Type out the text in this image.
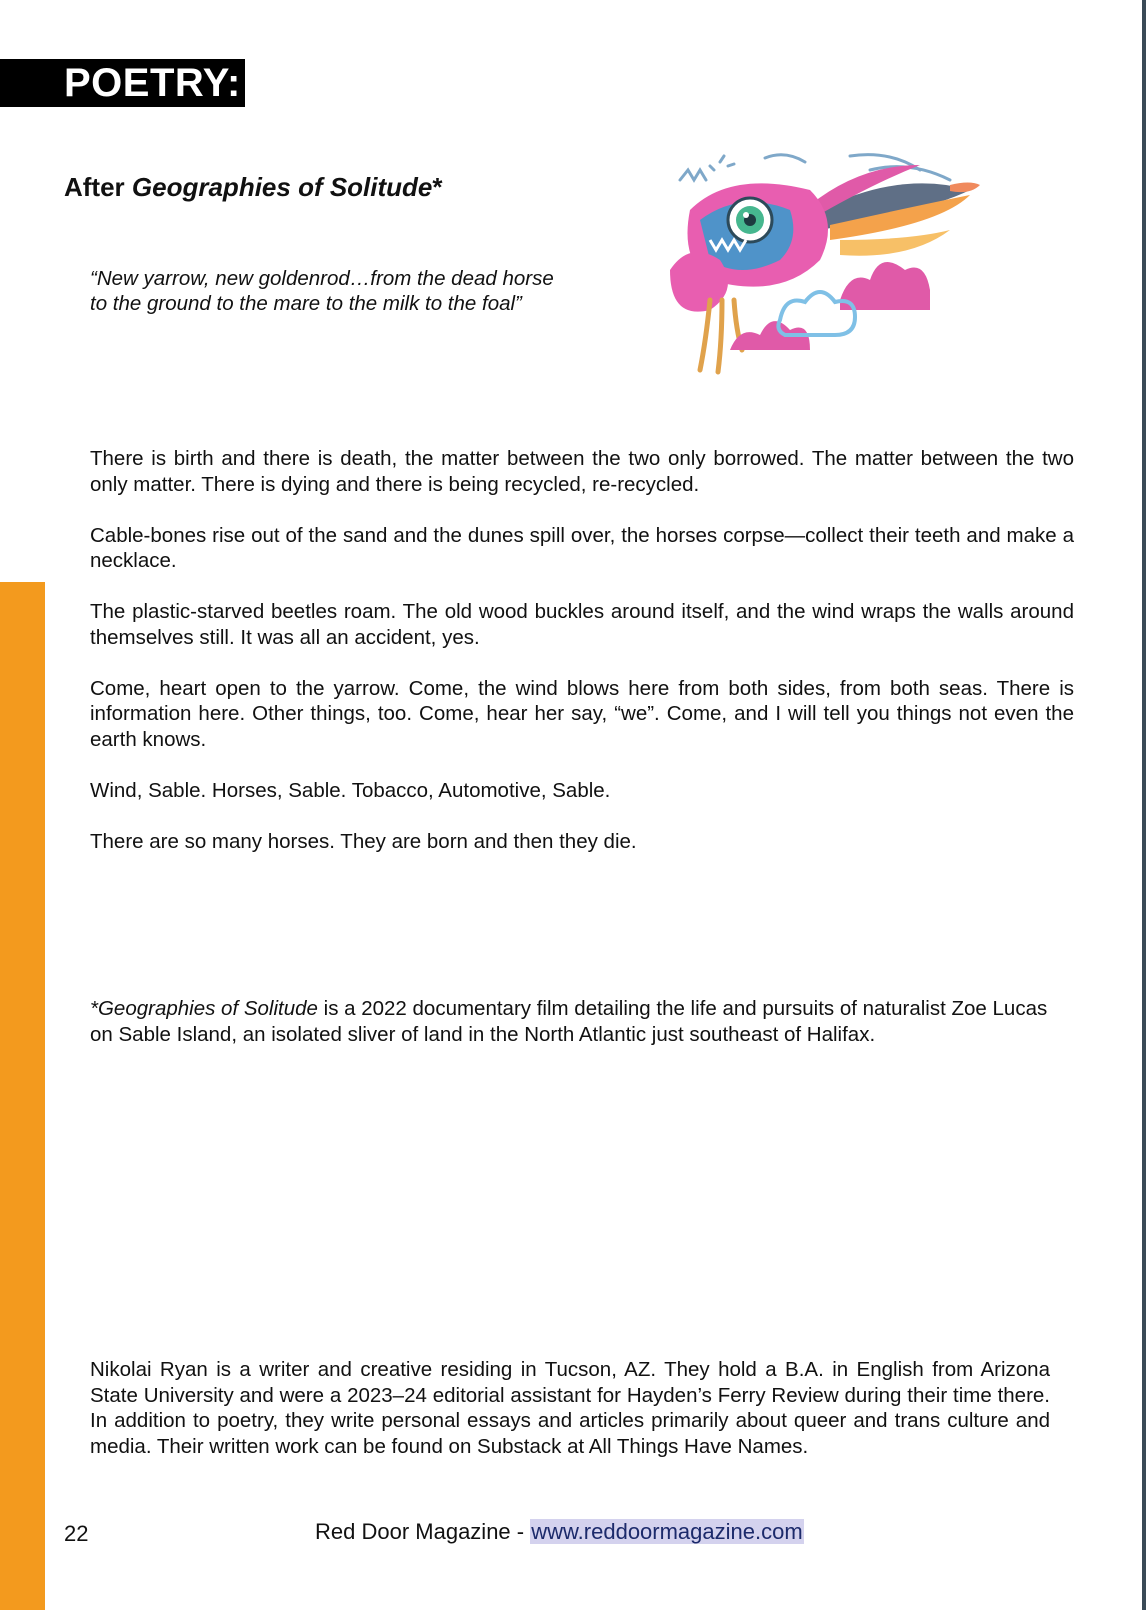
POETRY:
After Geographies of Solitude*
“New yarrow, new goldenrod…from the dead horse
to the ground to the mare to the milk to the foal”

There is birth and there is death, the matter between the two only borrowed. The matter between the two only matter. There is dying and there is being recycled, re-recycled.

Cable-bones rise out of the sand and the dunes spill over, the horses corpse—collect their teeth and make a necklace.

The plastic-starved beetles roam. The old wood buckles around itself, and the wind wraps the walls around themselves still. It was all an accident, yes.

Come, heart open to the yarrow. Come, the wind blows here from both sides, from both seas. There is information here. Other things, too. Come, hear her say, “we”. Come, and I will tell you things not even the earth knows.

Wind, Sable. Horses, Sable. Tobacco, Automotive, Sable.

There are so many horses. They are born and then they die.

*Geographies of Solitude is a 2022 documentary film detailing the life and pursuits of naturalist Zoe Lucas on Sable Island, an isolated sliver of land in the North Atlantic just southeast of Halifax.
Nikolai Ryan is a writer and creative residing in Tucson, AZ. They hold a B.A. in English from Arizona State University and were a 2023–24 editorial assistant for Hayden’s Ferry Review during their time there. In addition to poetry, they write personal essays and articles primarily about queer and trans culture and media. Their written work can be found on Substack at All Things Have Names.
22	Red Door Magazine - www.reddoormagazine.com
